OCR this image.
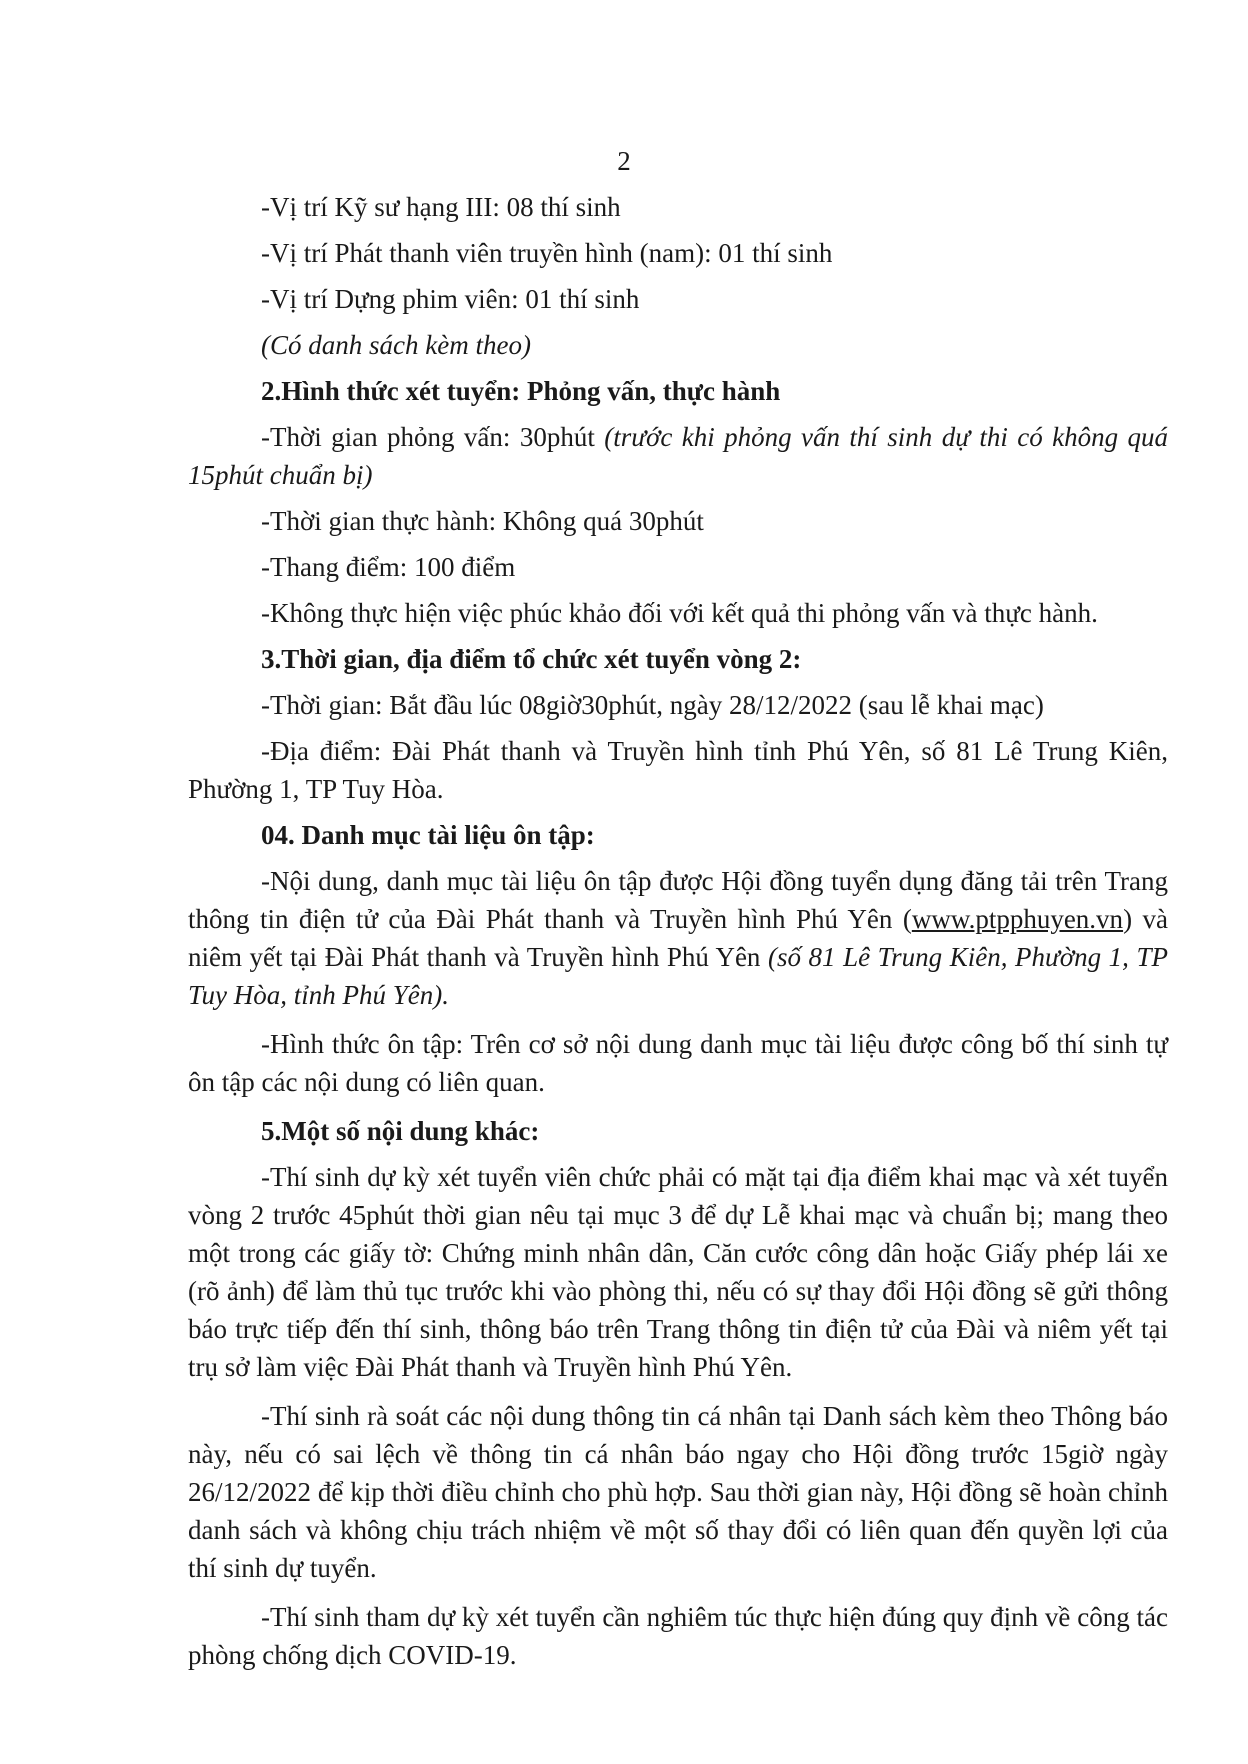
2

-Vị trí Kỹ sư hạng III: 08 thí sinh

-Vị trí Phát thanh viên truyền hình (nam): 01 thí sinh

-Vị trí Dựng phim viên: 01 thí sinh

(Có danh sách kèm theo)

2.Hình thức xét tuyển: Phỏng vấn, thực hành

-Thời gian phỏng vấn: 30phút (trước khi phỏng vấn thí sinh dự thi có không quá 15phút chuẩn bị)

-Thời gian thực hành: Không quá 30phút

-Thang điểm: 100 điểm

-Không thực hiện việc phúc khảo đối với kết quả thi phỏng vấn và thực hành.

3.Thời gian, địa điểm tổ chức xét tuyển vòng 2:

-Thời gian: Bắt đầu lúc 08giờ30phút, ngày 28/12/2022 (sau lễ khai mạc)

-Địa điểm: Đài Phát thanh và Truyền hình tỉnh Phú Yên, số 81 Lê Trung Kiên, Phường 1, TP Tuy Hòa.

04. Danh mục tài liệu ôn tập:

-Nội dung, danh mục tài liệu ôn tập được Hội đồng tuyển dụng đăng tải trên Trang thông tin điện tử của Đài Phát thanh và Truyền hình Phú Yên (www.ptpphuyen.vn) và niêm yết tại Đài Phát thanh và Truyền hình Phú Yên (số 81 Lê Trung Kiên, Phường 1, TP Tuy Hòa, tỉnh Phú Yên).

-Hình thức ôn tập: Trên cơ sở nội dung danh mục tài liệu được công bố thí sinh tự ôn tập các nội dung có liên quan.

5.Một số nội dung khác:

-Thí sinh dự kỳ xét tuyển viên chức phải có mặt tại địa điểm khai mạc và xét tuyển vòng 2 trước 45phút thời gian nêu tại mục 3 để dự Lễ khai mạc và chuẩn bị; mang theo một trong các giấy tờ: Chứng minh nhân dân, Căn cước công dân hoặc Giấy phép lái xe (rõ ảnh) để làm thủ tục trước khi vào phòng thi, nếu có sự thay đổi Hội đồng sẽ gửi thông báo trực tiếp đến thí sinh, thông báo trên Trang thông tin điện tử của Đài và niêm yết tại trụ sở làm việc Đài Phát thanh và Truyền hình Phú Yên.

-Thí sinh rà soát các nội dung thông tin cá nhân tại Danh sách kèm theo Thông báo này, nếu có sai lệch về thông tin cá nhân báo ngay cho Hội đồng trước 15giờ ngày 26/12/2022 để kịp thời điều chỉnh cho phù hợp. Sau thời gian này, Hội đồng sẽ hoàn chỉnh danh sách và không chịu trách nhiệm về một số thay đổi có liên quan đến quyền lợi của thí sinh dự tuyển.

-Thí sinh tham dự kỳ xét tuyển cần nghiêm túc thực hiện đúng quy định về công tác phòng chống dịch COVID-19.
